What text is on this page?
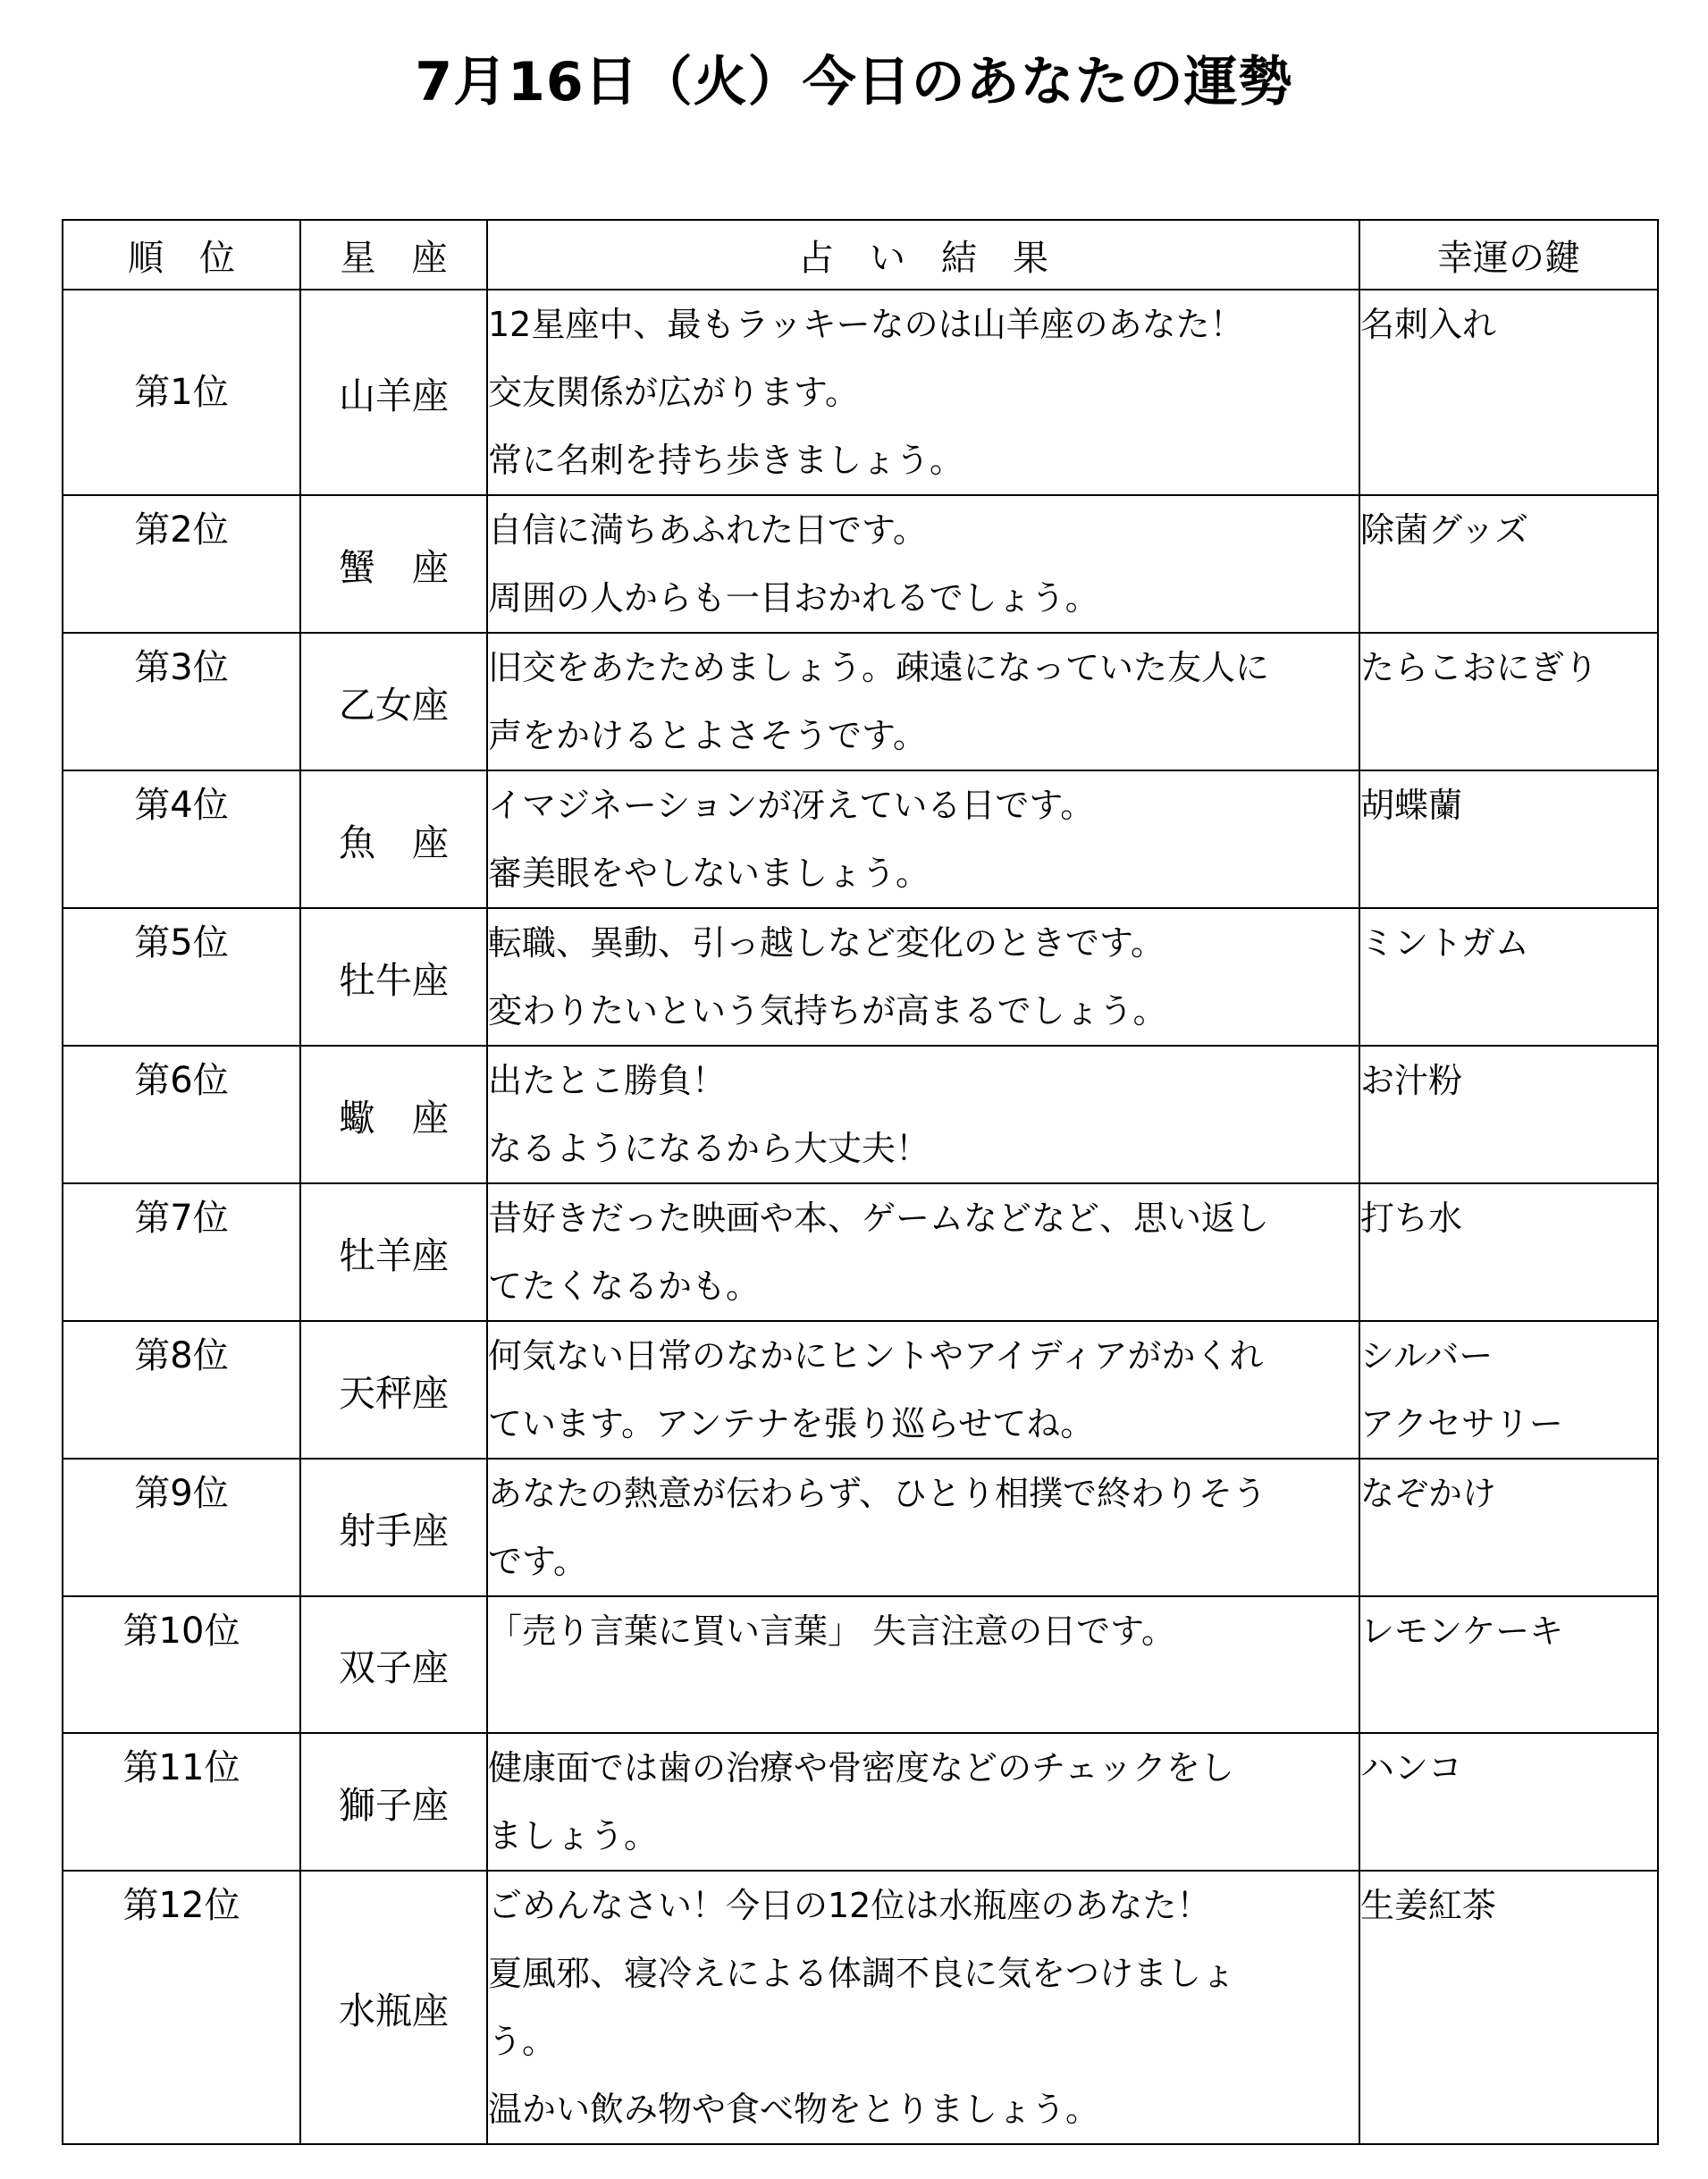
7月16日（火）今日のあなたの運勢
順　位	星　座	占　い　結　果	幸運の鍵
第1位	山羊座	12星座中、最もラッキーなのは山羊座のあなた！
交友関係が広がります。
常に名刺を持ち歩きましょう。	名刺入れ
第2位	蟹　座	自信に満ちあふれた日です。
周囲の人からも一目おかれるでしょう。	除菌グッズ
第3位	乙女座	旧交をあたためましょう。疎遠になっていた友人に
声をかけるとよさそうです。	たらこおにぎり
第4位	魚　座	イマジネーションが冴えている日です。
審美眼をやしないましょう。	胡蝶蘭
第5位	牡牛座	転職、異動、引っ越しなど変化のときです。
変わりたいという気持ちが高まるでしょう。	ミントガム
第6位	蠍　座	出たとこ勝負！
なるようになるから大丈夫！	お汁粉
第7位	牡羊座	昔好きだった映画や本、ゲームなどなど、思い返し
てたくなるかも。	打ち水
第8位	天秤座	何気ない日常のなかにヒントやアイディアがかくれ
ています。アンテナを張り巡らせてね。	シルバー
アクセサリー
第9位	射手座	あなたの熱意が伝わらず、ひとり相撲で終わりそう
です。	なぞかけ
第10位	双子座	「売り言葉に買い言葉」 失言注意の日です。	レモンケーキ
第11位	獅子座	健康面では歯の治療や骨密度などのチェックをし
ましょう。	ハンコ
第12位	水瓶座	ごめんなさい！今日の12位は水瓶座のあなた！
夏風邪、寝冷えによる体調不良に気をつけましょ
う。
温かい飲み物や食べ物をとりましょう。	生姜紅茶
